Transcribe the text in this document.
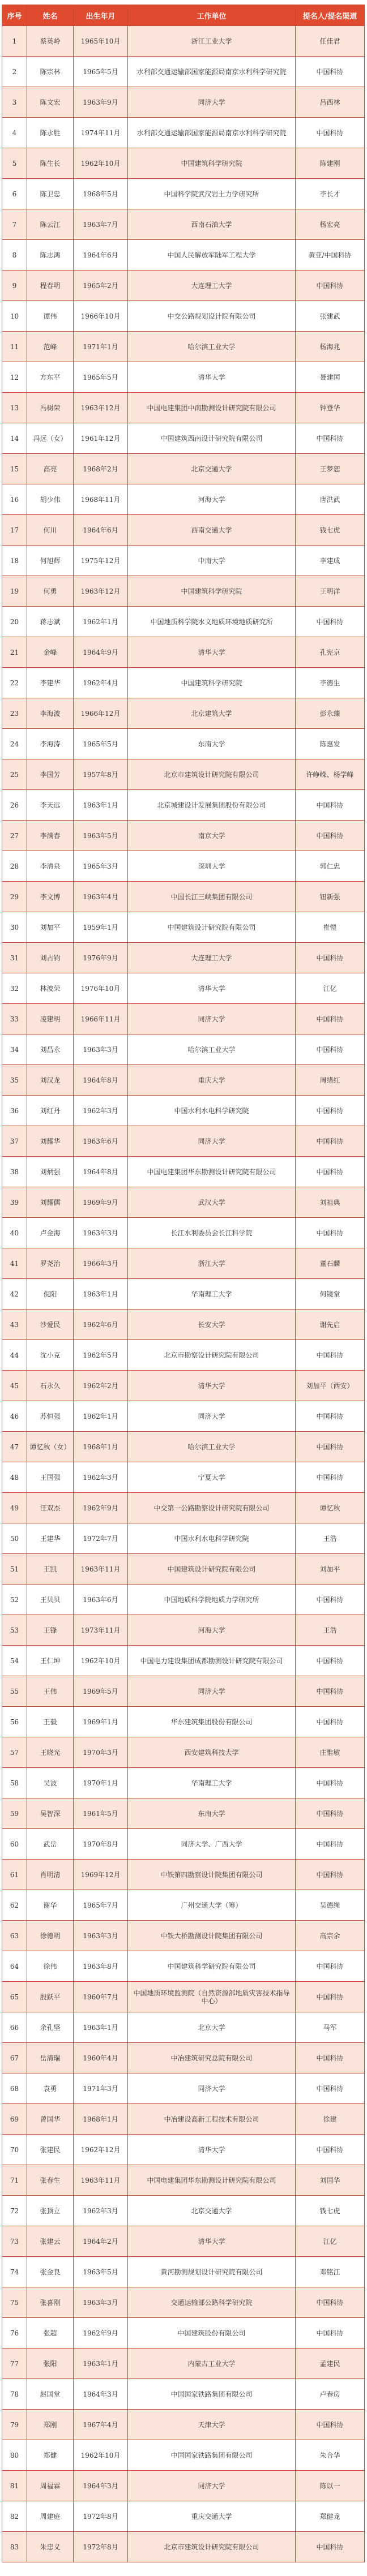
序号	姓名	出生年月	工作单位	提名人/提名渠道
1	蔡英岭	1965年10月	浙江工业大学	任佳君
2	陈宗林	1965年5月	水利部交通运输部国家能源局南京水利科学研究院	中国科协
3	陈文宏	1963年9月	同济大学	吕西林
4	陈永胜	1974年11月	水利部交通运输部国家能源局南京水利科学研究院	中国科协
5	陈生长	1962年10月	中国建筑科学研究院	陈建刚
6	陈卫忠	1968年5月	中国科学院武汉岩土力学研究所	李长才
7	陈云江	1963年7月	西南石油大学	杨宏亮
8	陈志鸿	1964年6月	中国人民解放军陆军工程大学	黄亚/中国科协
9	程春明	1965年2月	大连理工大学	中国科协
10	谭伟	1966年10月	中交公路规划设计院有限公司	张建武
11	范峰	1971年1月	哈尔滨工业大学	杨海兆
12	方东平	1965年5月	清华大学	聂建国
13	冯树荣	1963年12月	中国电建集团中南勘测设计研究院有限公司	钟登华
14	冯远（女）	1961年12月	中国建筑西南设计研究院有限公司	中国科协
15	高亮	1968年2月	北京交通大学	王梦恕
16	胡少伟	1968年11月	河海大学	唐洪武
17	何川	1964年6月	西南交通大学	钱七虎
18	何旭辉	1975年12月	中南大学	李建成
19	何勇	1963年12月	中国建筑科学研究院	王明洋
20	蒋志斌	1962年1月	中国地质科学院水文地质环境地质研究所	中国科协
21	金峰	1964年9月	清华大学	孔宪京
22	李建华	1962年4月	中国建筑科学研究院	李德生
23	李海波	1966年12月	北京建筑大学	彭永臻
24	李海涛	1965年5月	东南大学	陈惠发
25	李国芳	1957年8月	北京市建筑设计研究院有限公司	许峥嵘、杨学峰
26	李天远	1963年1月	北京城建设计发展集团股份有限公司	中国科协
27	李满春	1963年5月	南京大学	中国科协
28	李清泉	1965年3月	深圳大学	郭仁忠
29	李文博	1963年4月	中国长江三峡集团有限公司	钮新强
30	刘加平	1959年1月	中国建筑设计研究院有限公司	崔愷
31	刘占钧	1976年9月	大连理工大学	中国科协
32	林波荣	1976年10月	清华大学	江亿
33	凌建明	1966年11月	同济大学	中国科协
34	刘昌永	1963年3月	哈尔滨工业大学	中国科协
35	刘汉龙	1964年8月	重庆大学	周绪红
36	刘红丹	1962年3月	中国水利水电科学研究院	中国科协
37	刘耀华	1963年6月	同济大学	中国科协
38	刘炳强	1964年8月	中国电建集团华东勘测设计研究院有限公司	中国科协
39	刘耀儒	1969年9月	武汉大学	刘祖典
40	卢金海	1963年3月	长江水利委员会长江科学院	中国科协
41	罗尧治	1966年3月	浙江大学	董石麟
42	倪阳	1963年1月	华南理工大学	何镜堂
43	沙爱民	1962年6月	长安大学	谢先启
44	沈小克	1962年5月	北京市勘察设计研究院有限公司	中国科协
45	石永久	1962年2月	清华大学	刘加平（西安）
46	苏恒强	1962年1月	同济大学	中国科协
47	谭忆秋（女）	1968年1月	哈尔滨工业大学	中国科协
48	王国强	1962年3月	宁夏大学	中国科协
49	汪双杰	1962年9月	中交第一公路勘察设计研究院有限公司	谭忆秋
50	王建华	1972年7月	中国水利水电科学研究院	王浩
51	王凯	1963年11月	中国建筑设计研究院有限公司	刘加平
52	王贝贝	1963年6月	中国地质科学院地质力学研究所	中国科协
53	王锋	1973年11月	河海大学	王浩
54	王仁坤	1962年10月	中国电力建设集团成都勘测设计研究院有限公司	中国科协
55	王伟	1969年5月	同济大学	中国科协
56	王毅	1969年1月	华东建筑集团股份有限公司	中国科协
57	王晓光	1970年3月	西安建筑科技大学	庄惟敏
58	吴波	1970年1月	华南理工大学	中国科协
59	吴智深	1961年5月	东南大学	中国科协
60	武岳	1970年8月	同济大学、广西大学	中国科协
61	肖明清	1969年12月	中铁第四勘察设计院集团有限公司	中国科协
62	谢华	1965年7月	广州交通大学（筹）	吴德绳
63	徐德明	1963年3月	中铁大桥勘测设计院集团有限公司	高宗余
64	徐伟	1963年8月	中国建筑科学研究院有限公司	中国科协
65	殷跃平	1960年7月	中国地质环境监测院（自然资源部地质灾害技术指导中心）	中国科协
66	余孔坚	1963年1月	北京大学	马军
67	岳清瑞	1960年4月	中冶建筑研究总院有限公司	中国科协
68	袁勇	1971年3月	同济大学	中国科协
69	曾国华	1968年1月	中冶建设高新工程技术有限公司	徐建
70	张建民	1962年12月	清华大学	中国科协
71	张春生	1963年11月	中国电建集团华东勘测设计研究院有限公司	刘国华
72	张顶立	1962年3月	北京交通大学	钱七虎
73	张建云	1964年2月	清华大学	江亿
74	张金良	1963年5月	黄河勘测规划设计研究院有限公司	邓铭江
75	张喜刚	1963年3月	交通运输部公路科学研究院	中国科协
76	张超	1962年9月	中国建筑股份有限公司	中国科协
77	张阳	1963年1月	内蒙古工业大学	孟建民
78	赵国堂	1964年3月	中国国家铁路集团有限公司	卢春房
79	郑刚	1967年4月	天津大学	中国科协
80	郑健	1962年10月	中国国家铁路集团有限公司	朱合华
81	周福霖	1964年3月	同济大学	陈以一
82	周建庭	1972年8月	重庆交通大学	郑健龙
83	朱忠义	1972年8月	北京市建筑设计研究院有限公司	中国科协
